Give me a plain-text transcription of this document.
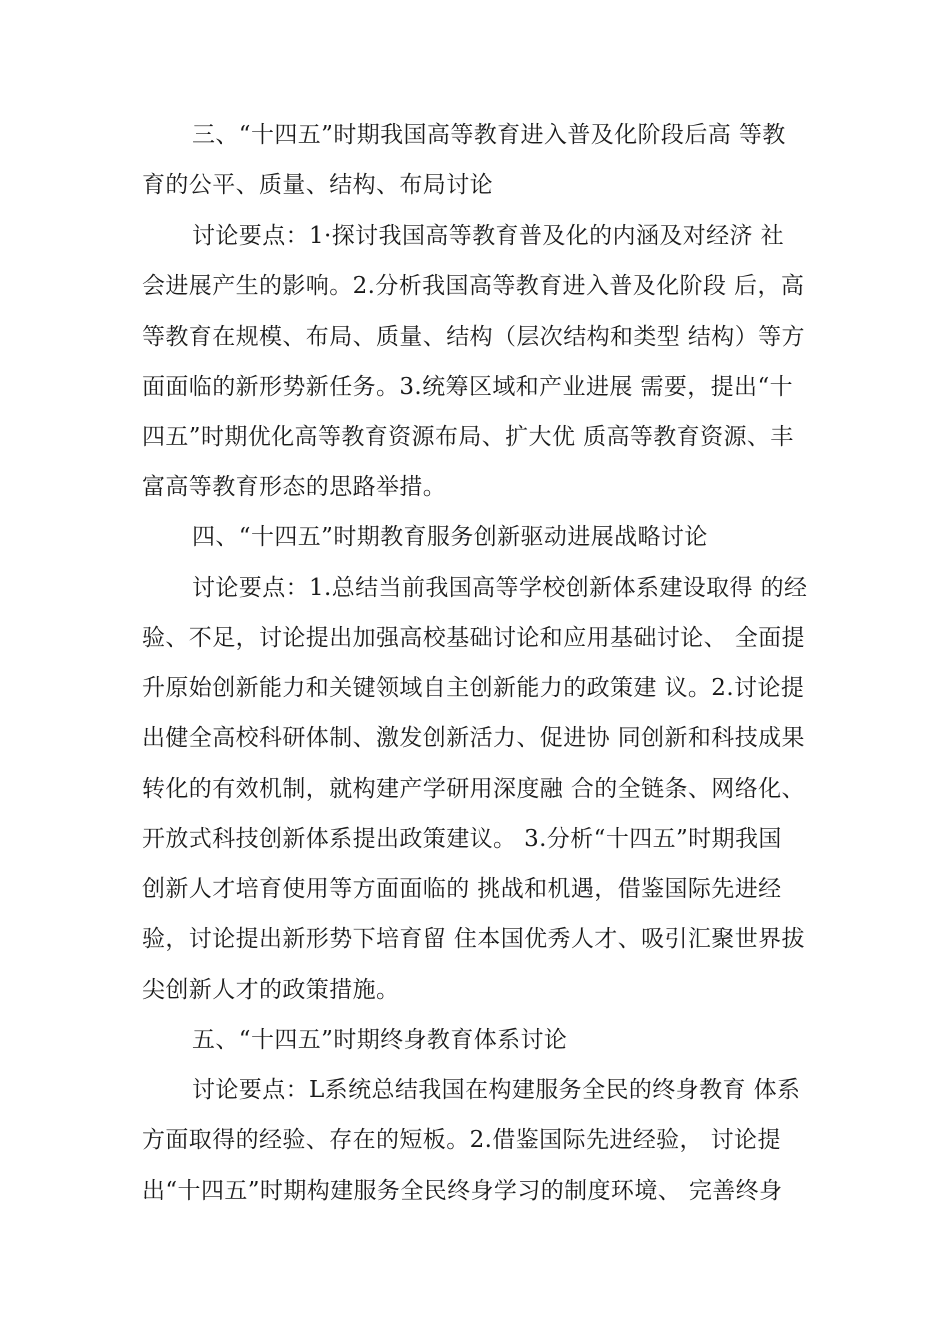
三、“十四五”时期我国高等教育进入普及化阶段后高 等教
育的公平、质量、结构、布局讨论
讨论要点：1·探讨我国高等教育普及化的内涵及对经济 社
会进展产生的影响。2.分析我国高等教育进入普及化阶段 后，高
等教育在规模、布局、质量、结构（层次结构和类型 结构）等方
面面临的新形势新任务。3.统筹区域和产业进展 需要，提出“十
四五”时期优化高等教育资源布局、扩大优 质高等教育资源、丰
富高等教育形态的思路举措。
四、“十四五”时期教育服务创新驱动进展战略讨论
讨论要点：1.总结当前我国高等学校创新体系建设取得 的经
验、不足，讨论提出加强高校基础讨论和应用基础讨论、 全面提
升原始创新能力和关键领域自主创新能力的政策建 议。2.讨论提
出健全高校科研体制、激发创新活力、促进协 同创新和科技成果
转化的有效机制，就构建产学研用深度融 合的全链条、网络化、
开放式科技创新体系提出政策建议。 3.分析“十四五”时期我国
创新人才培育使用等方面面临的 挑战和机遇，借鉴国际先进经
验，讨论提出新形势下培育留 住本国优秀人才、吸引汇聚世界拔
尖创新人才的政策措施。
五、“十四五”时期终身教育体系讨论
讨论要点：L系统总结我国在构建服务全民的终身教育 体系
方面取得的经验、存在的短板。2.借鉴国际先进经验， 讨论提
出“十四五”时期构建服务全民终身学习的制度环境、 完善终身
